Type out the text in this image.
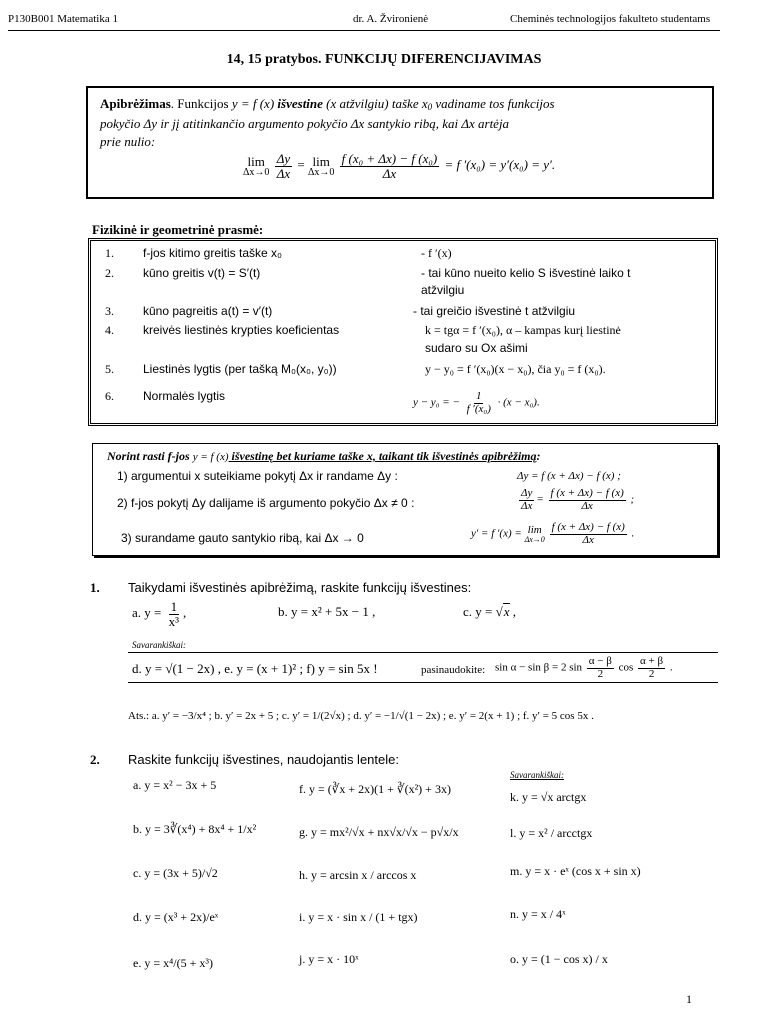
P130B001 Matematika 1	dr. A. Žvironienė	Cheminės technologijos fakulteto studentams
14, 15 pratybos. FUNKCIJŲ DIFERENCIJAVIMAS
Apibrėžimas. Funkcijos y = f (x) išvestine (x atžvilgiu) taške x0 vadiname tos funkcijos
pokyčio Δy ir jį atitinkančio argumento pokyčio Δx santykio ribą, kai Δx artėja
prie nulio:
lim
Δx→0
$\frac{\Delta y}{\Delta x} = \lim$
Δx→0
$\frac{\text{f (x₀ + Δx) − f (x₀)}}{\Delta x} = f$ ′(x₀) = y′(x₀) = y′.
Fizikinė ir geometrinė prasmė:
1. f-jos kitimo greitis taške x₀	- f ′(x)
2. kūno greitis v(t) = S′(t)	- tai kūno nueito kelio S išvestinė laiko t
atžvilgiu
3. kūno pagreitis a(t) = v′(t)	- tai greičio išvestinė t atžvilgiu
4. kreivės liestinės krypties koeficientas	k = tgα = f ′(x₀), α – kampas kurį liestinė
sudaro su Ox ašimi
5. Liestinės lygtis (per tašką M₀(x₀, y₀))	y − y₀ = f ′(x₀)(x − x₀), čia y₀ = f (x₀).
6. Normalės lygtis	y − y₀ = − $\frac{1}{\text{f ′(x₀)}} \cdot (x - x_0)$.
Norint rasti f-jos y = f (x) išvestinę bet kuriame taške x, taikant tik išvestinės apibrėžimą:
1) argumentui x suteikiame pokytį Δx ir randame Δy :	Δy = f (x + Δx) − f (x) ;
2) f-jos pokytį Δy dalijame iš argumento pokyčio Δx ≠ 0 :	$\frac{\Delta y}{\Delta x} = \frac{f (x + \Delta x) - f (x)}{\Delta x}$ ;
3) surandame gauto santykio ribą, kai Δx → 0	y′ = f ′(x) = lim
Δx→0
$\frac{f (x + \Delta x) - f (x)}{\Delta x}$ .
1. Taikydami išvestinės apibrėžimą, raskite funkcijų išvestines:
a. $y = \frac{1}{\text{x³}}$ ,	b. y = x² + 5x − 1 ,	c. y = √x ,
Savarankiškai:
d. y = √(1 − 2x) , e. y = (x + 1)² ; f) y = sin 5x !	pasinaudokite: sin α − sin β = 2 $\sin \frac{\alpha - \beta}{2}$ $\cos \frac{\alpha + \beta}{2}$ .
Ats.: a. y′ = −3/x⁴ ; b. y′ = 2x + 5 ; c. y′ = 1/(2√x) ; d. y′ = −1/√(1 − 2x) ; e. y′ = 2(x + 1) ; f. y′ = 5 cos 5x .
2. Raskite funkcijų išvestines, naudojantis lentele:
Savarankiškai:
a. y = x² − 3x + 5
b. y = 3∛(x⁴) + 8x⁴ + 1/x²
c. y = (3x + 5)/√2
d. y = (x³ + 2x)/eˣ
e. y = x⁴/(5 + x³)
f. y = (∛x + 2x)(1 + ∛(x²) + 3x)
g. y = mx²/√x + nx√x/√x − p√x/x
h. y = arcsin x / arccos x
i. y = x · sin x / (1 + tgx)
j. y = x · 10ˣ
k. y = √x arctgx
l. y = x² / arcctgx
m. y = x · eˣ (cos x + sin x)
n. y = x / 4ˣ
o. y = (1 − cos x) / x
1
